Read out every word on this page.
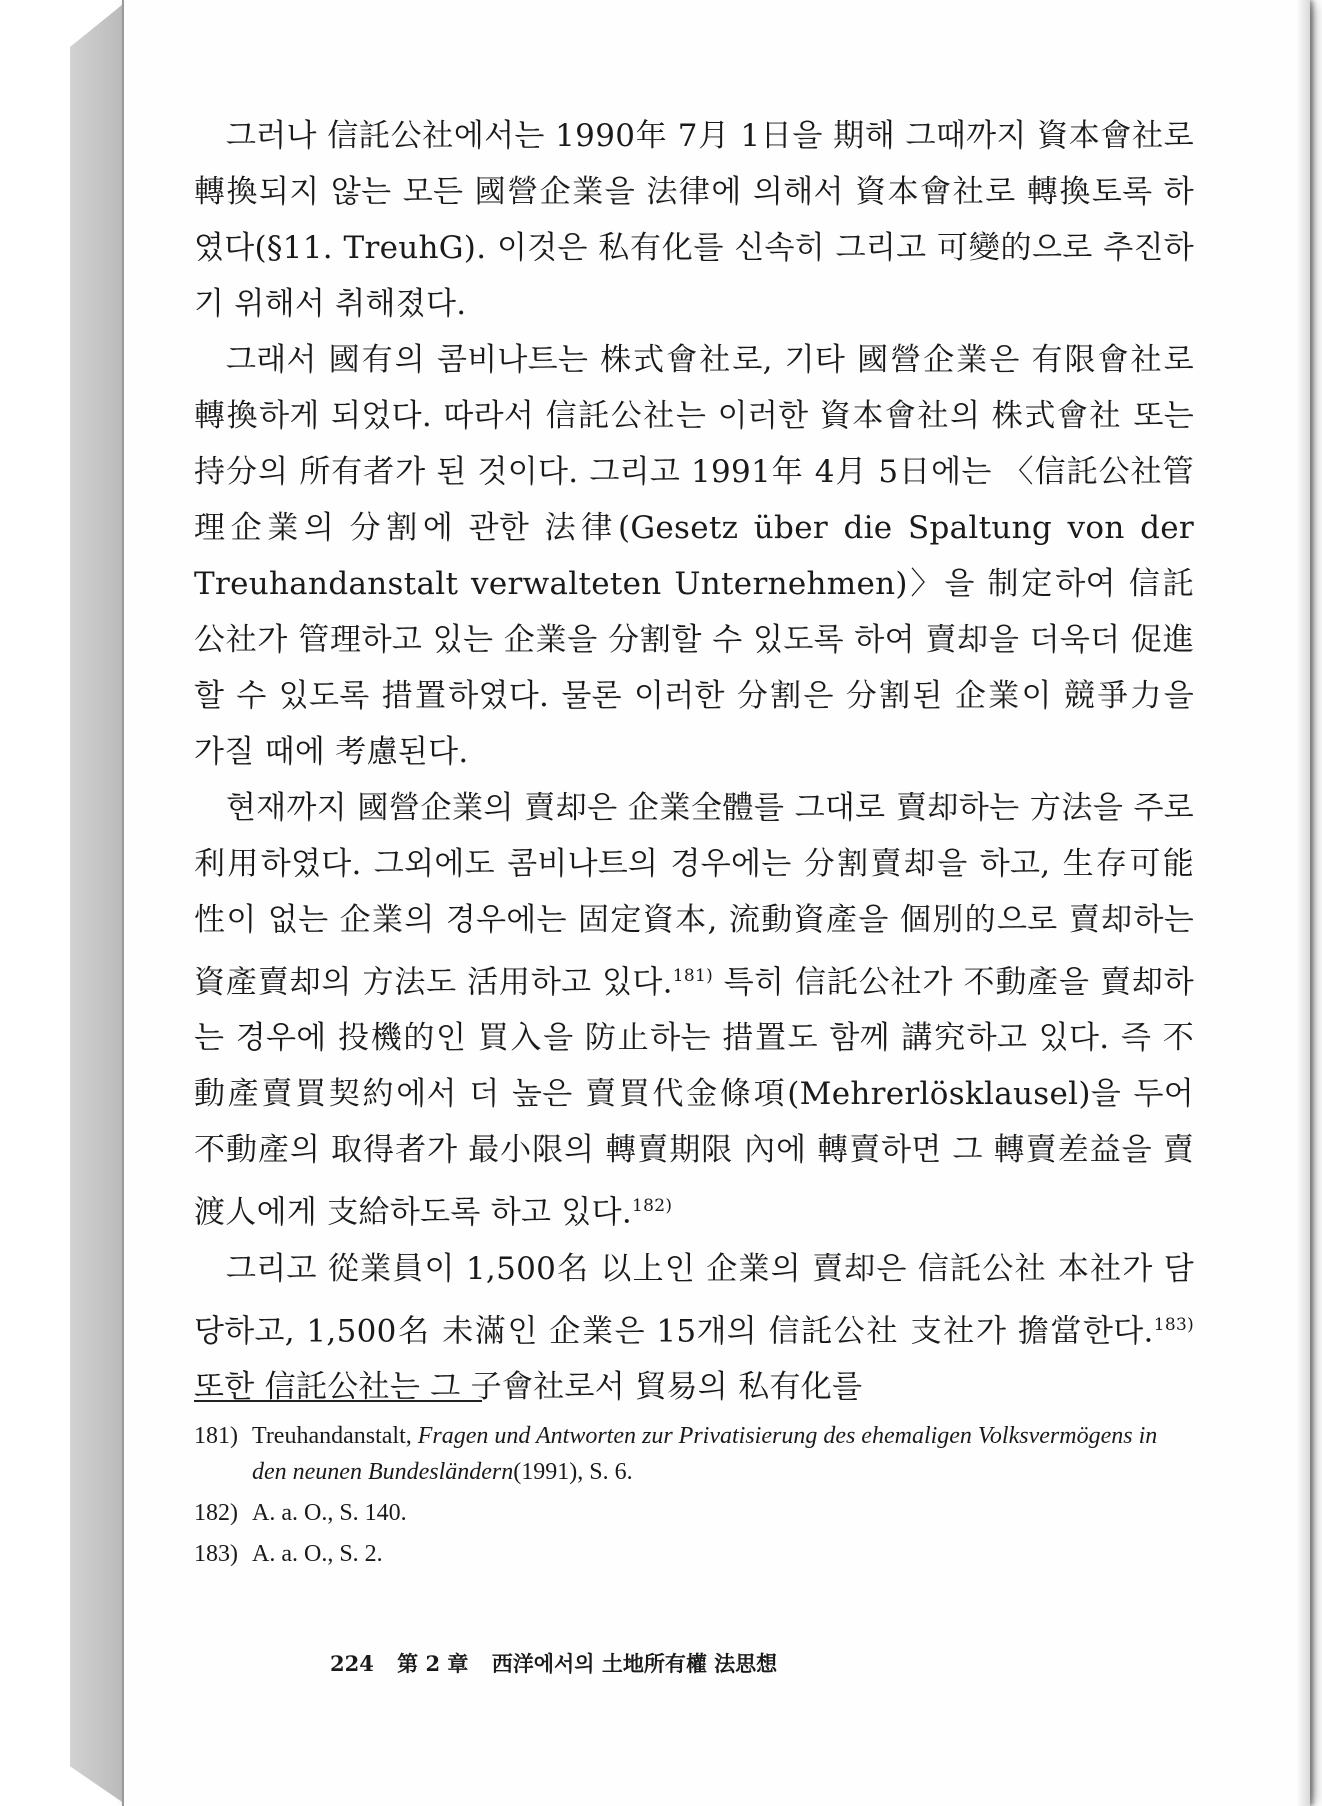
그러나 信託公社에서는 1990年 7月 1日을 期해 그때까지 資本會社로 轉換되지 않는 모든 國營企業을 法律에 의해서 資本會社로 轉換토록 하였다(§11. TreuhG). 이것은 私有化를 신속히 그리고 可變的으로 추진하기 위해서 취해졌다.

그래서 國有의 콤비나트는 株式會社로, 기타 國營企業은 有限會社로 轉換하게 되었다. 따라서 信託公社는 이러한 資本會社의 株式會社 또는 持分의 所有者가 된 것이다. 그리고 1991年 4月 5日에는 〈信託公社管理企業의 分割에 관한 法律(Gesetz über die Spaltung von der Treuhandanstalt verwalteten Unternehmen)〉을 制定하여 信託公社가 管理하고 있는 企業을 分割할 수 있도록 하여 賣却을 더욱더 促進할 수 있도록 措置하였다. 물론 이러한 分割은 分割된 企業이 競爭力을 가질 때에 考慮된다.

현재까지 國營企業의 賣却은 企業全體를 그대로 賣却하는 方法을 주로 利用하였다. 그외에도 콤비나트의 경우에는 分割賣却을 하고, 生存可能性이 없는 企業의 경우에는 固定資本, 流動資產을 個別的으로 賣却하는 資產賣却의 方法도 活用하고 있다.$^{181)}$ 특히 信託公社가 不動產을 賣却하는 경우에 投機的인 買入을 防止하는 措置도 함께 講究하고 있다. 즉 不動產賣買契約에서 더 높은 賣買代金條項(Mehrerlösklausel)을 두어 不動產의 取得者가 最小限의 轉賣期限 內에 轉賣하면 그 轉賣差益을 賣渡人에게 支給하도록 하고 있다.$^{182)}$

그리고 從業員이 1,500名 以上인 企業의 賣却은 信託公社 本社가 담당하고, 1,500名 未滿인 企業은 15개의 信託公社 支社가 擔當한다.$^{183)}$ 또한 信託公社는 그 子會社로서 貿易의 私有化를

181) Treuhandanstalt, Fragen und Antworten zur Privatisierung des ehemaligen Volksvermögens in den neunen Bundesländern(1991), S. 6.
182) A. a. O., S. 140.
183) A. a. O., S. 2.
224 第 2 章 西洋에서의 土地所有權 法思想
